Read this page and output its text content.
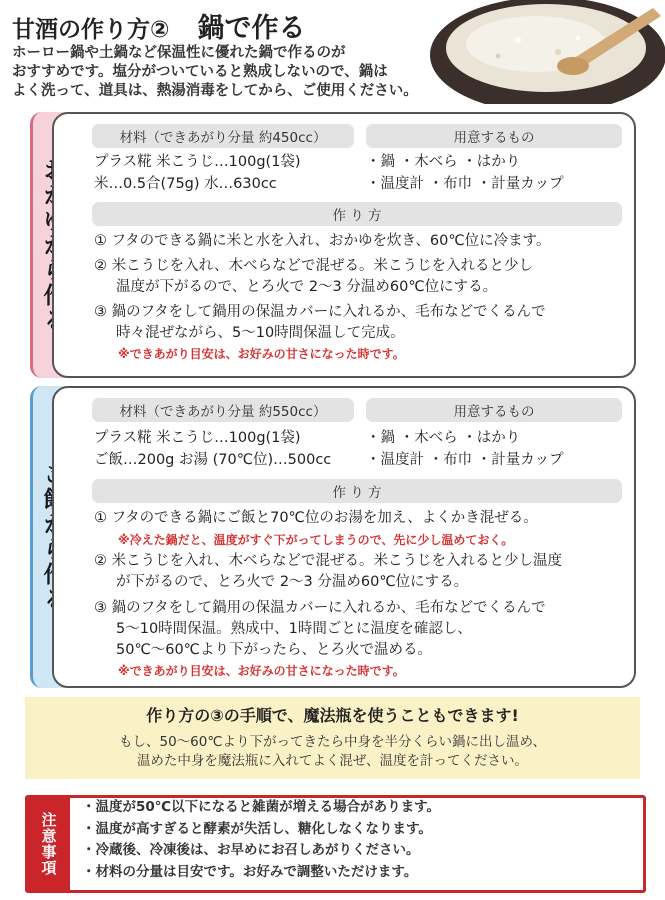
甘酒の作り方② 鍋で作る
ホーロー鍋や土鍋など保温性に優れた鍋で作るのが
おすすめです。塩分がついていると熟成しないので、鍋は
よく洗って、道具は、熱湯消毒をしてから、ご使用ください。
材料（できあがり分量 約450cc）	用意するもの
プラス糀 米こうじ…100g(1袋)
米…0.5合(75g) 水…630cc
・鍋 ・木べら ・はかり
・温度計 ・布巾 ・計量カップ
作 り 方
① フタのできる鍋に米と水を入れ、おかゆを炊き、60℃位に冷ます。
② 米こうじを入れ、木べらなどで混ぜる。米こうじを入れると少し
温度が下がるので、とろ火で 2～3 分温め60℃位にする。
③ 鍋のフタをして鍋用の保温カバーに入れるか、毛布などでくるんで
時々混ぜながら、5～10時間保温して完成。
※できあがり目安は、お好みの甘さになった時です。
材料（できあがり分量 約550cc）	用意するもの
プラス糀 米こうじ…100g(1袋)
ご飯…200g お湯 (70℃位)…500cc
・鍋 ・木べら ・はかり
・温度計 ・布巾 ・計量カップ
作 り 方
① フタのできる鍋にご飯と70℃位のお湯を加え、よくかき混ぜる。
※冷えた鍋だと、温度がすぐ下がってしまうので、先に少し温めておく。
② 米こうじを入れ、木べらなどで混ぜる。米こうじを入れると少し温度
が下がるので、とろ火で 2～3 分温め60℃位にする。
③ 鍋のフタをして鍋用の保温カバーに入れるか、毛布などでくるんで
5～10時間保温。熟成中、1時間ごとに温度を確認し、
50℃～60℃より下がったら、とろ火で温める。
※できあがり目安は、お好みの甘さになった時です。
作り方の③の手順で、魔法瓶を使うこともできます!
もし、50～60℃より下がってきたら中身を半分くらい鍋に出し温め、
温めた中身を魔法瓶に入れてよく混ぜ、温度を計ってください。
注意事項
・温度が50℃以下になると雑菌が増える場合があります。
・温度が高すぎると酵素が失活し、糖化しなくなります。
・冷蔵後、冷凍後は、お早めにお召しあがりください。
・材料の分量は目安です。お好みで調整いただけます。
